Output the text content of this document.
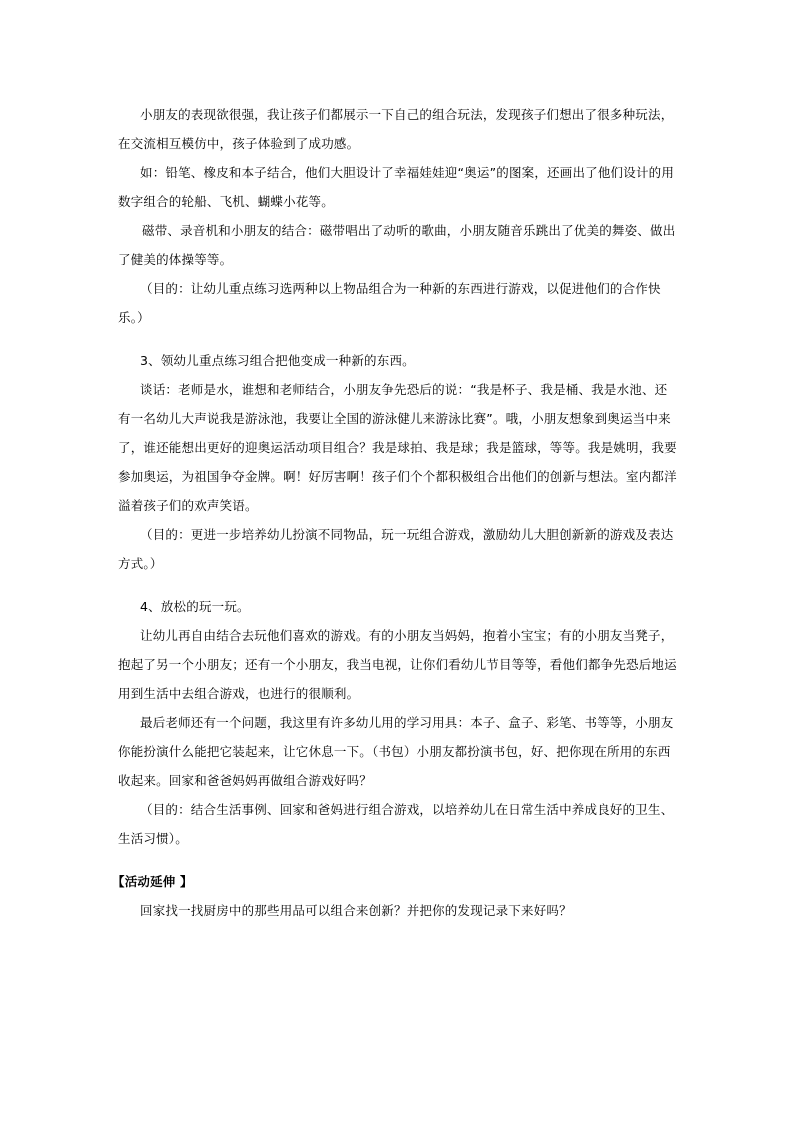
小朋友的表现欲很强，我让孩子们都展示一下自己的组合玩法，发现孩子们想出了很多种玩法，在交流相互模仿中，孩子体验到了成功感。

如：铅笔、橡皮和本子结合，他们大胆设计了幸福娃娃迎“奥运”的图案，还画出了他们设计的用数字组合的轮船、飞机、蝴蝶小花等。

磁带、录音机和小朋友的结合：磁带唱出了动听的歌曲，小朋友随音乐跳出了优美的舞姿、做出了健美的体操等等。

（目的：让幼儿重点练习选两种以上物品组合为一种新的东西进行游戏，以促进他们的合作快乐。）

3、领幼儿重点练习组合把他变成一种新的东西。

谈话：老师是水，谁想和老师结合，小朋友争先恐后的说：“我是杯子、我是桶、我是水池、还有一名幼儿大声说我是游泳池，我要让全国的游泳健儿来游泳比赛”。哦，小朋友想象到奥运当中来了，谁还能想出更好的迎奥运活动项目组合？我是球拍、我是球；我是篮球，等等。我是姚明，我要参加奥运，为祖国争夺金牌。啊！好厉害啊！孩子们个个都积极组合出他们的创新与想法。室内都洋溢着孩子们的欢声笑语。

（目的：更进一步培养幼儿扮演不同物品，玩一玩组合游戏，激励幼儿大胆创新新的游戏及表达方式。）

4、放松的玩一玩。

让幼儿再自由结合去玩他们喜欢的游戏。有的小朋友当妈妈，抱着小宝宝；有的小朋友当凳子，抱起了另一个小朋友；还有一个小朋友，我当电视，让你们看幼儿节目等等，看他们都争先恐后地运用到生活中去组合游戏，也进行的很顺利。

最后老师还有一个问题，我这里有许多幼儿用的学习用具：本子、盒子、彩笔、书等等，小朋友你能扮演什么能把它装起来，让它休息一下。（书包）小朋友都扮演书包，好、把你现在所用的东西收起来。回家和爸爸妈妈再做组合游戏好吗？

（目的：结合生活事例、回家和爸妈进行组合游戏，以培养幼儿在日常生活中养成良好的卫生、生活习惯）。

【活动延伸 】

回家找一找厨房中的那些用品可以组合来创新？并把你的发现记录下来好吗？
